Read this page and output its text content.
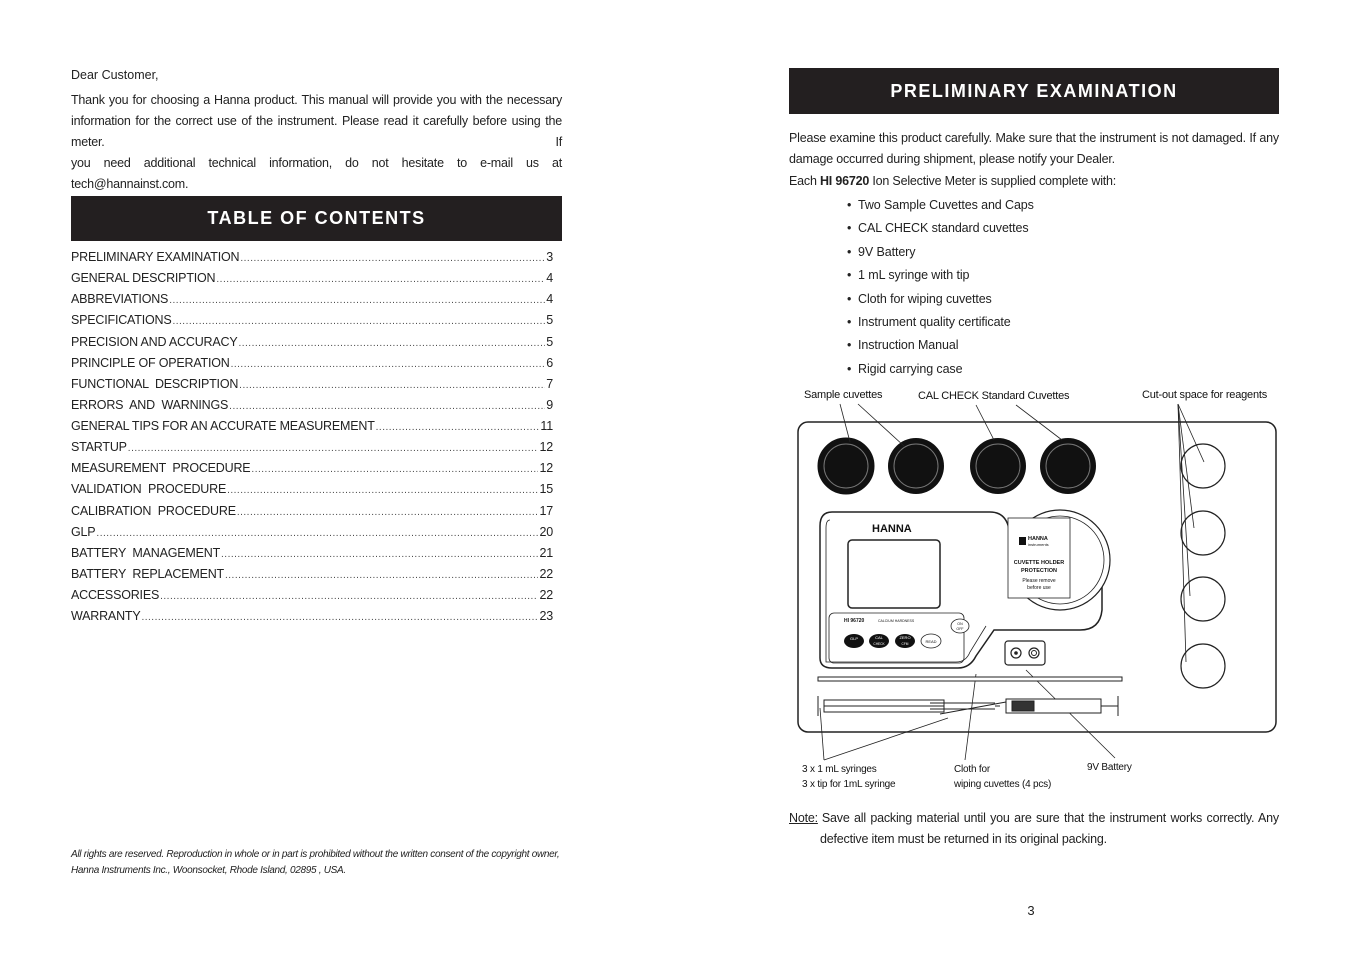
Dear Customer,
Thank you for choosing a Hanna product. This manual will provide you with the necessary
information for the correct use of the instrument. Please read it carefully before using the meter. If
you need additional technical information, do not hesitate to e-mail us at tech@hannainst.com.
TABLE OF CONTENTS
PRELIMINARY EXAMINATION .....	3
GENERAL DESCRIPTION .....	4
ABBREVIATIONS .....	4
SPECIFICATIONS .....	5
PRECISION AND ACCURACY .....	5
PRINCIPLE OF OPERATION .....	6
FUNCTIONAL  DESCRIPTION .....	7
ERRORS  AND  WARNINGS .....	9
GENERAL TIPS FOR AN ACCURATE MEASUREMENT .....	11
STARTUP .....	12
MEASUREMENT  PROCEDURE .....	12
VALIDATION  PROCEDURE .....	15
CALIBRATION  PROCEDURE .....	17
GLP .....	20
BATTERY  MANAGEMENT .....	21
BATTERY  REPLACEMENT .....	22
ACCESSORIES .....	22
WARRANTY .....	23
All rights are reserved. Reproduction in whole or in part is prohibited without the written consent of the copyright owner,
Hanna Instruments Inc., Woonsocket, Rhode Island, 02895 , USA.
PRELIMINARY EXAMINATION
Please examine this product carefully. Make sure that the instrument is not damaged. If any
damage occurred during shipment, please notify your Dealer.
Each HI 96720 Ion Selective Meter is supplied complete with:
•  Two Sample Cuvettes and Caps
•  CAL CHECK standard cuvettes
•  9V Battery
•  1 mL syringe with tip
•  Cloth for wiping cuvettes
•  Instrument quality certificate
•  Instruction Manual
•  Rigid carrying case
Sample cuvettes	CAL CHECK Standard Cuvettes	Cut-out space for reagents
3 x 1 mL syringes
3 x tip for 1mL syringe
Cloth for
wiping cuvettes (4 pcs)
9V Battery
HANNA
HI 96720	CALCIUM HARDNESS
GLP	CAL
CHECK
ZERO
CFM	READ
ON
OFF
HANNA
instruments
CUVETTE HOLDER
PROTECTION
Please remove
before use
Note: Save all packing material until you are sure that the instrument works correctly. Any
defective item must be returned in its original packing.
3
